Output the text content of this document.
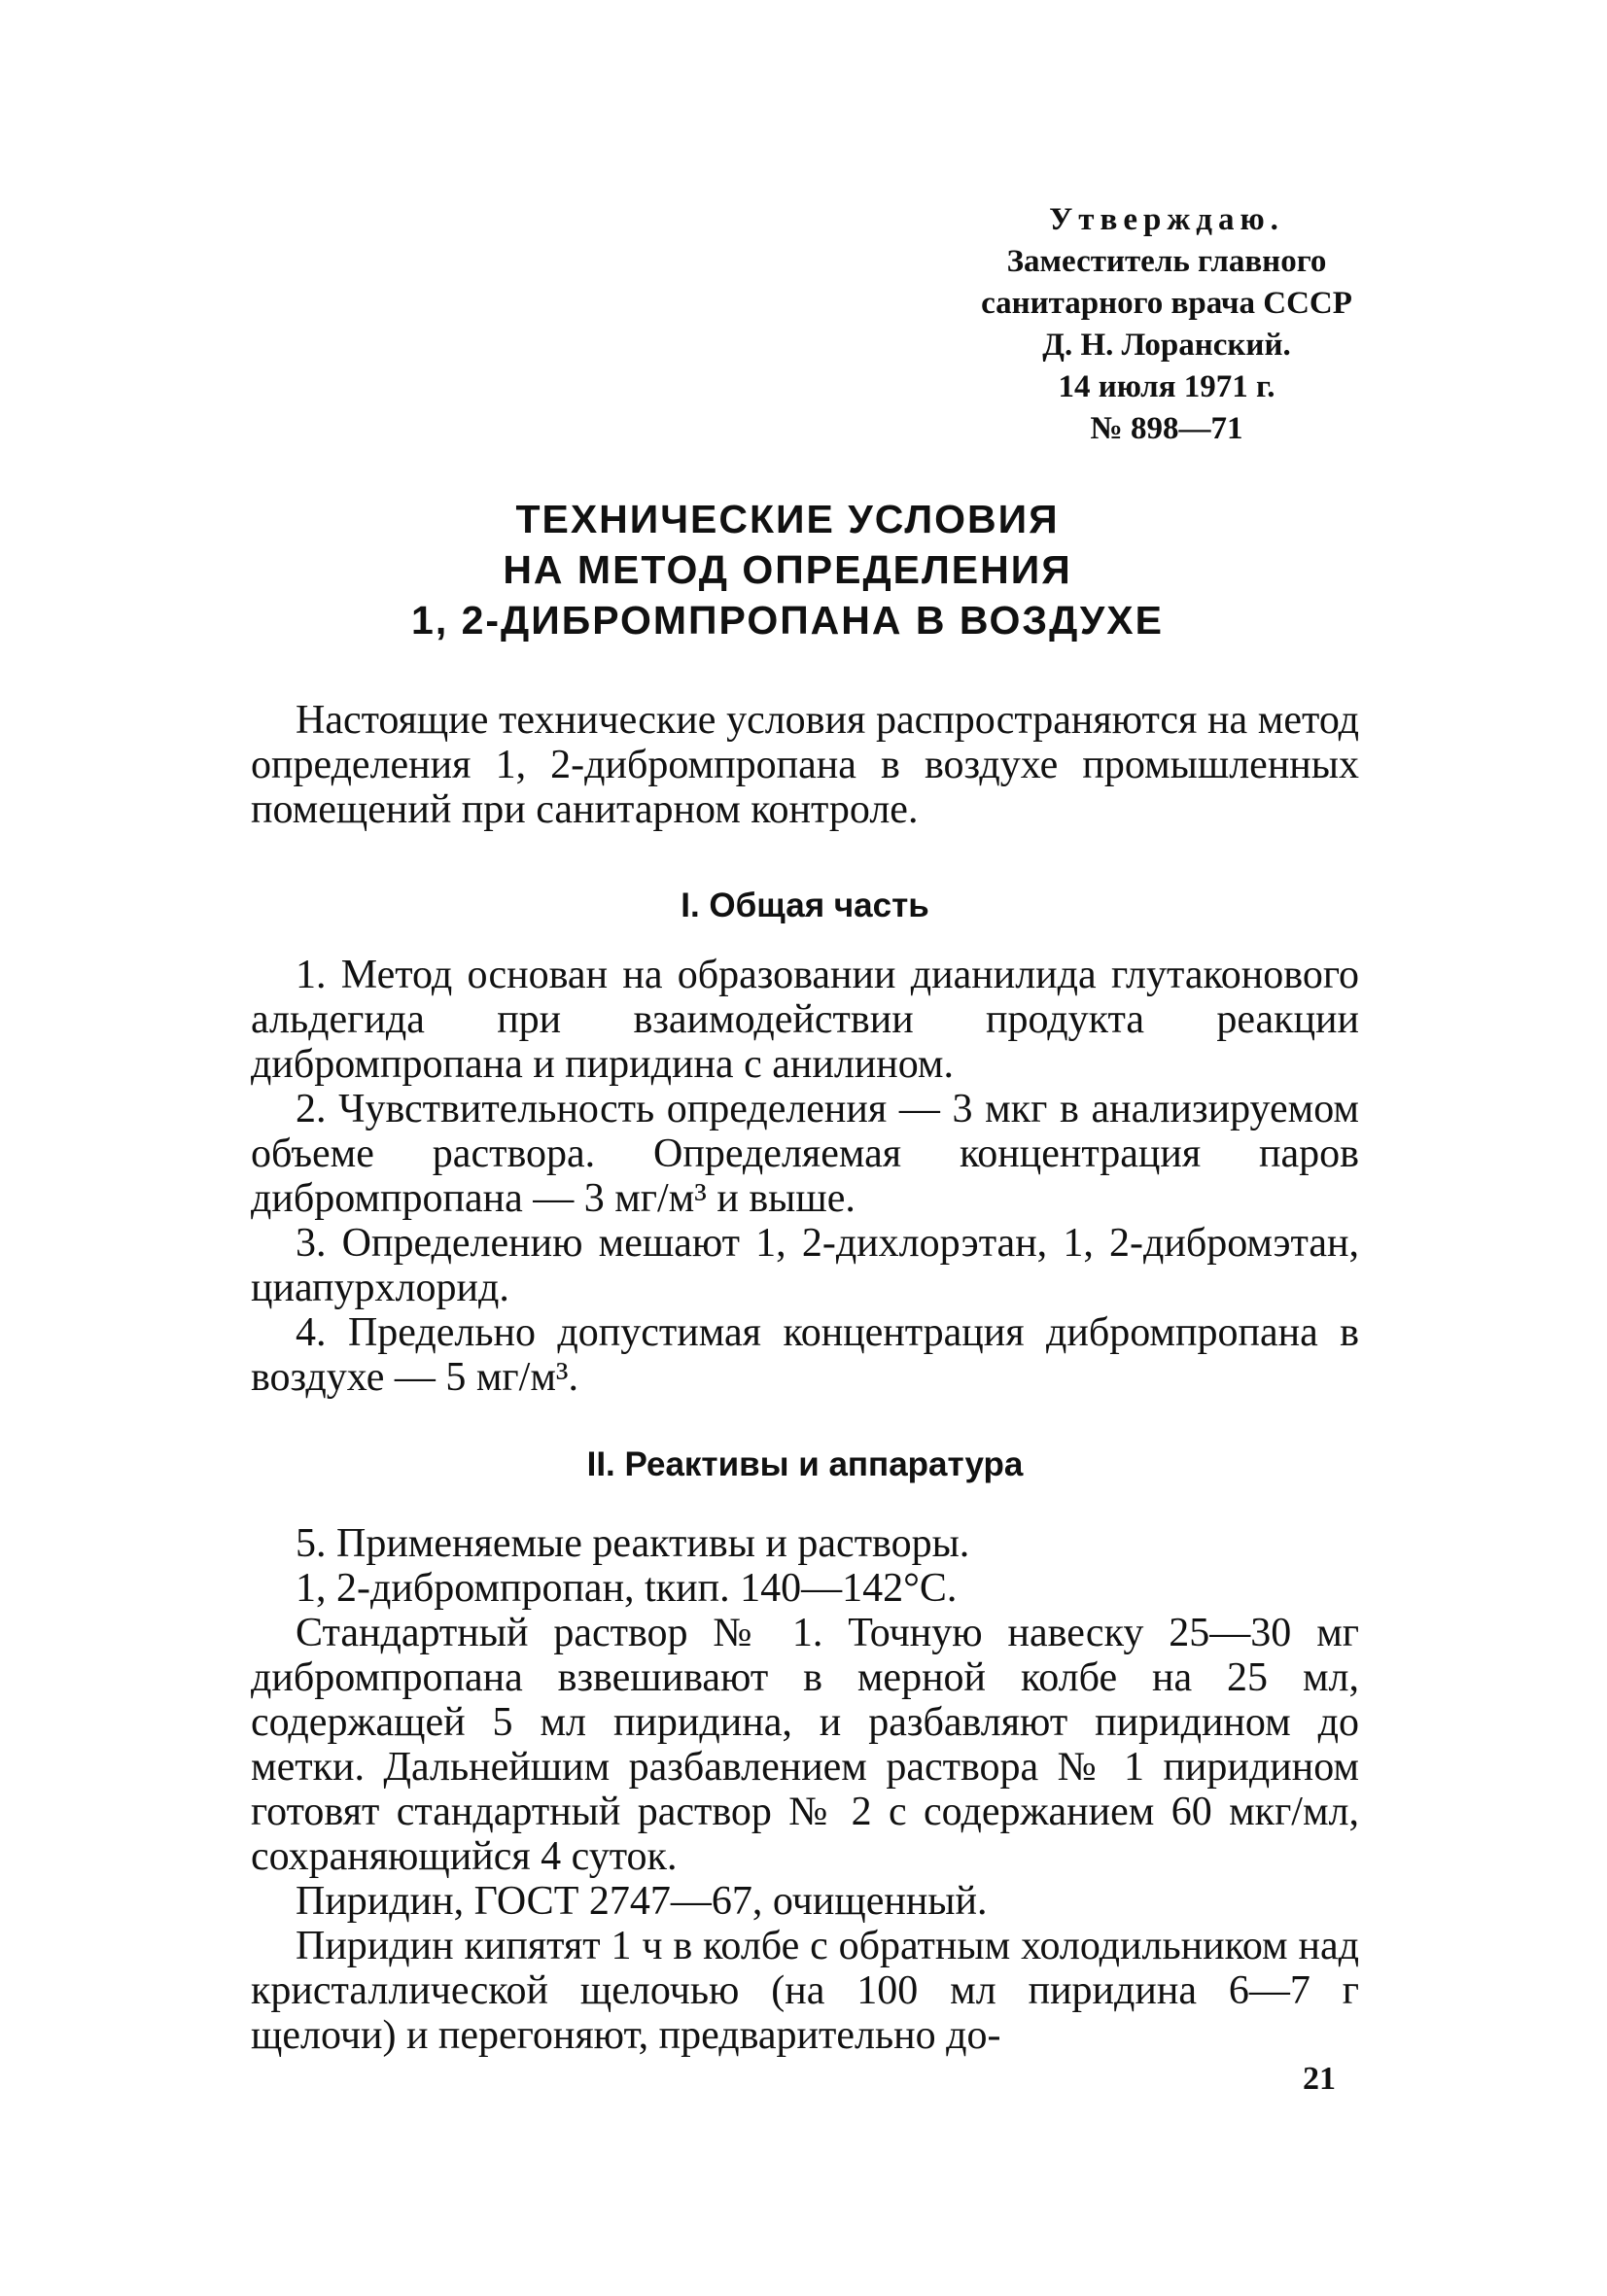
Утверждаю.
Заместитель главного
санитарного врача СССР
Д. Н. Лоранский.
14 июля 1971 г.
№ 898—71
ТЕХНИЧЕСКИЕ УСЛОВИЯ
НА МЕТОД ОПРЕДЕЛЕНИЯ
1, 2-ДИБРОМПРОПАНА В ВОЗДУХЕ

Настоящие технические условия распространяются на метод определения 1, 2-дибромпропана в воздухе промышленных помещений при санитарном контроле.

I. Общая часть

1. Метод основан на образовании дианилида глутаконового альдегида при взаимодействии продукта реакции дибромпропана и пиридина с анилином.

2. Чувствительность определения — 3 мкг в анализируемом объеме раствора. Определяемая концентрация паров дибромпропана — 3 мг/м³ и выше.

3. Определению мешают 1, 2-дихлорэтан, 1, 2-дибромэтан, циапурхлорид.

4. Предельно допустимая концентрация дибромпропана в воздухе — 5 мг/м³.

II. Реактивы и аппаратура

5. Применяемые реактивы и растворы.

1, 2-дибромпропан, tкип. 140—142°С.

Стандартный раствор № 1. Точную навеску 25—30 мг дибромпропана взвешивают в мерной колбе на 25 мл, содержащей 5 мл пиридина, и разбавляют пиридином до метки. Дальнейшим разбавлением раствора № 1 пиридином готовят стандартный раствор № 2 с содержанием 60 мкг/мл, сохраняющийся 4 суток.

Пиридин, ГОСТ 2747—67, очищенный.

Пиридин кипятят 1 ч в колбе с обратным холодильником над кристаллической щелочью (на 100 мл пиридина 6—7 г щелочи) и перегоняют, предварительно до-

21
